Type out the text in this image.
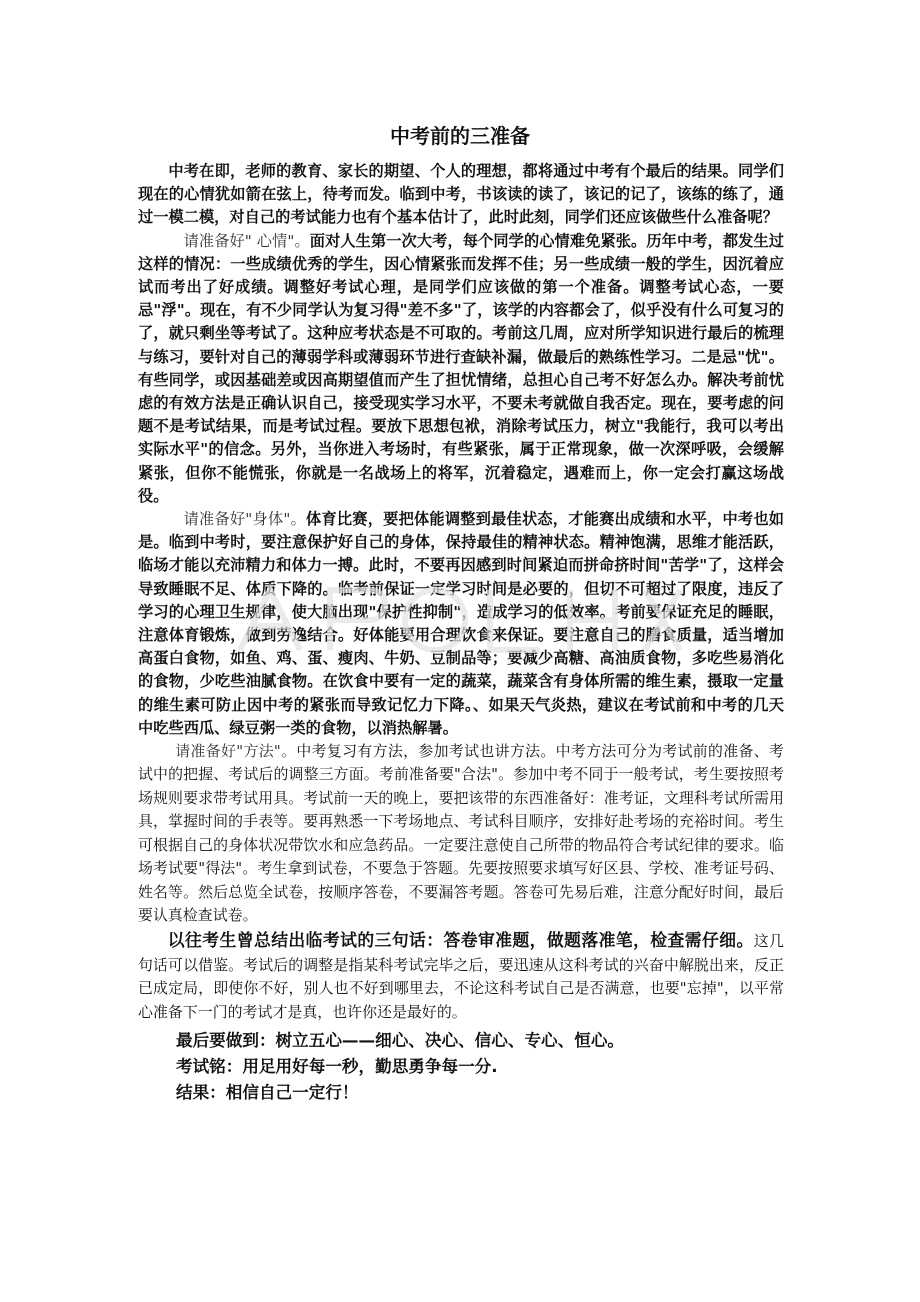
中考前的三准备

中考在即，老师的教育、家长的期望、个人的理想，都将通过中考有个最后的结果。同学们现在的心情犹如箭在弦上，待考而发。临到中考，书该读的读了，该记的记了，该练的练了，通过一模二模，对自己的考试能力也有个基本估计了，此时此刻，同学们还应该做些什么准备呢？

请准备好" 心情"。面对人生第一次大考，每个同学的心情难免紧张。历年中考，都发生过这样的情况：一些成绩优秀的学生，因心情紧张而发挥不佳；另一些成绩一般的学生，因沉着应试而考出了好成绩。调整好考试心理，是同学们应该做的第一个准备。调整考试心态，一要忌"浮"。现在，有不少同学认为复习得"差不多"了，该学的内容都会了，似乎没有什么可复习的了，就只剩坐等考试了。这种应考状态是不可取的。考前这几周，应对所学知识进行最后的梳理与练习，要针对自己的薄弱学科或薄弱环节进行查缺补漏，做最后的熟练性学习。二是忌"忧"。有些同学，或因基础差或因高期望值而产生了担忧情绪，总担心自己考不好怎么办。解决考前忧虑的有效方法是正确认识自己，接受现实学习水平，不要未考就做自我否定。现在，要考虑的问题不是考试结果，而是考试过程。要放下思想包袱，消除考试压力，树立"我能行，我可以考出实际水平"的信念。另外，当你进入考场时，有些紧张，属于正常现象，做一次深呼吸，会缓解紧张，但你不能慌张，你就是一名战场上的将军，沉着稳定，遇难而上，你一定会打赢这场战役。

请准备好"身体"。体育比赛，要把体能调整到最佳状态，才能赛出成绩和水平，中考也如是。临到中考时，要注意保护好自己的身体，保持最佳的精神状态。精神饱满，思维才能活跃，临场才能以充沛精力和体力一搏。此时，不要再因感到时间紧迫而拼命挤时间"苦学"了，这样会导致睡眠不足、体质下降的。临考前保证一定学习时间是必要的，但切不可超过了限度，违反了学习的心理卫生规律，使大脑出现"保护性抑制"，造成学习的低效率。考前要保证充足的睡眠，注意体育锻炼，做到劳逸结合。好体能要用合理饮食来保证。要注意自己的膳食质量，适当增加高蛋白食物，如鱼、鸡、蛋、瘦肉、牛奶、豆制品等；要减少高糖、高油质食物，多吃些易消化的食物，少吃些油腻食物。在饮食中要有一定的蔬菜，蔬菜含有身体所需的维生素，摄取一定量的维生素可防止因中考的紧张而导致记忆力下降。、如果天气炎热，建议在考试前和中考的几天中吃些西瓜、绿豆粥一类的食物，以消热解暑。

请准备好"方法"。中考复习有方法，参加考试也讲方法。中考方法可分为考试前的准备、考试中的把握、考试后的调整三方面。考前准备要"合法"。参加中考不同于一般考试，考生要按照考场规则要求带考试用具。考试前一天的晚上，要把该带的东西准备好：准考证，文理科考试所需用具，掌握时间的手表等。要再熟悉一下考场地点、考试科目顺序，安排好赴考场的充裕时间。考生可根据自己的身体状况带饮水和应急药品。一定要注意使自己所带的物品符合考试纪律的要求。临场考试要"得法"。考生拿到试卷，不要急于答题。先要按照要求填写好区县、学校、准考证号码、姓名等。然后总览全试卷，按顺序答卷，不要漏答考题。答卷可先易后难，注意分配好时间，最后要认真检查试卷。

以往考生曾总结出临考试的三句话：答卷审准题，做题落准笔，检查需仔细。这几句话可以借鉴。考试后的调整是指某科考试完毕之后，要迅速从这科考试的兴奋中解脱出来，反正已成定局，即使你不好，别人也不好到哪里去，不论这科考试自己是否满意，也要"忘掉"，以平常心准备下一门的考试才是真，也许你还是最好的。

最后要做到：树立五心——细心、决心、信心、专心、恒心。

考试铭：用足用好每一秒，勤思勇争每一分.

结果：相信自己一定行！
